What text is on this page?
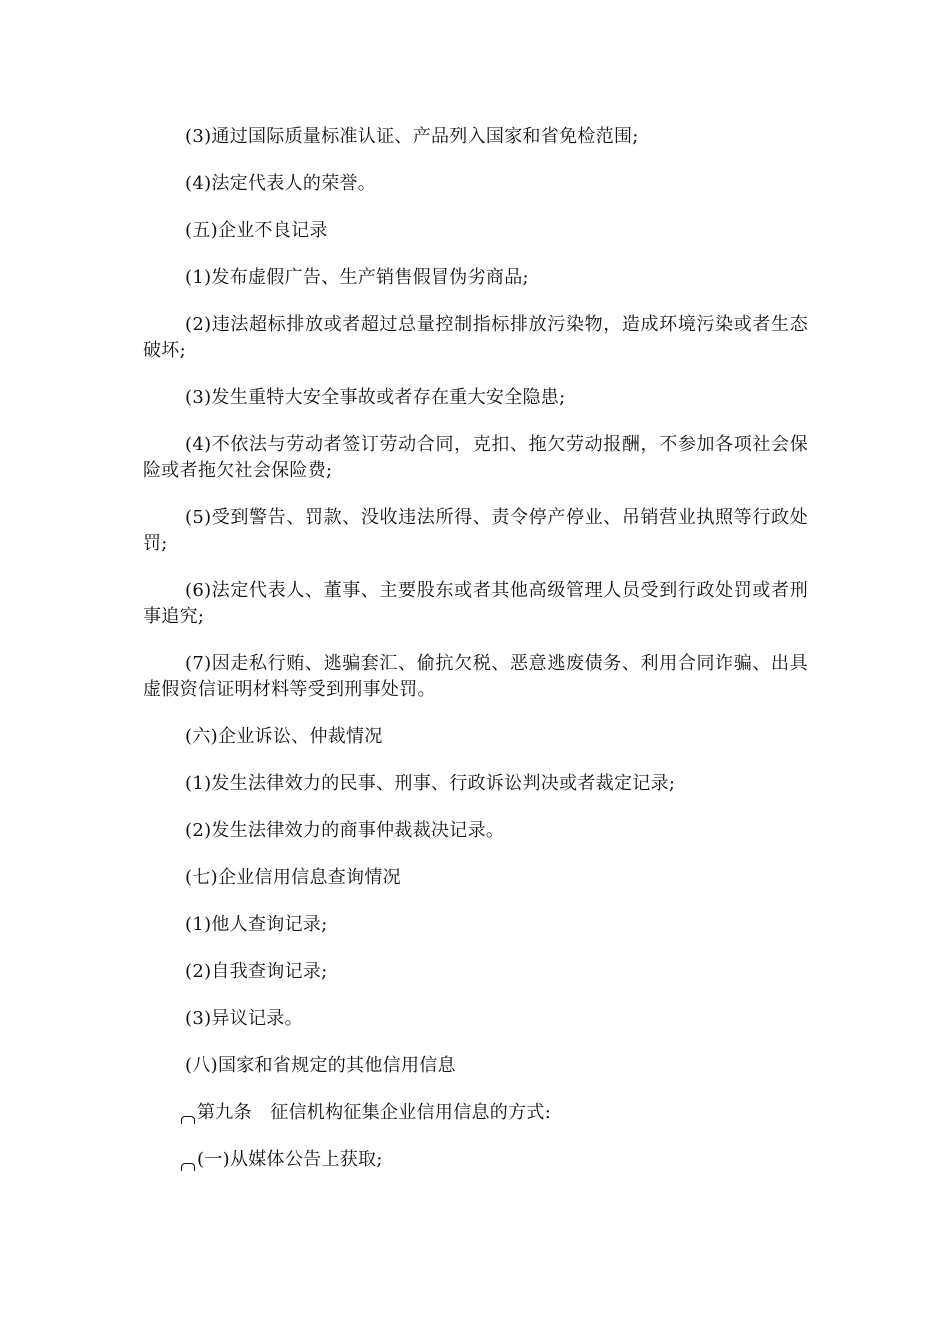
(3)通过国际质量标准认证、产品列入国家和省免检范围;

(4)法定代表人的荣誉。

(五)企业不良记录

(1)发布虚假广告、生产销售假冒伪劣商品;

(2)违法超标排放或者超过总量控制指标排放污染物，造成环境污染或者生态破坏;

(3)发生重特大安全事故或者存在重大安全隐患;

(4)不依法与劳动者签订劳动合同，克扣、拖欠劳动报酬，不参加各项社会保险或者拖欠社会保险费;

(5)受到警告、罚款、没收违法所得、责令停产停业、吊销营业执照等行政处罚;

(6)法定代表人、董事、主要股东或者其他高级管理人员受到行政处罚或者刑事追究;

(7)因走私行贿、逃骗套汇、偷抗欠税、恶意逃废债务、利用合同诈骗、出具虚假资信证明材料等受到刑事处罚。

(六)企业诉讼、仲裁情况

(1)发生法律效力的民事、刑事、行政诉讼判决或者裁定记录;

(2)发生法律效力的商事仲裁裁决记录。

(七)企业信用信息查询情况

(1)他人查询记录;

(2)自我查询记录;

(3)异议记录。

(八)国家和省规定的其他信用信息

第九条　征信机构征集企业信用信息的方式:

(一)从媒体公告上获取;
